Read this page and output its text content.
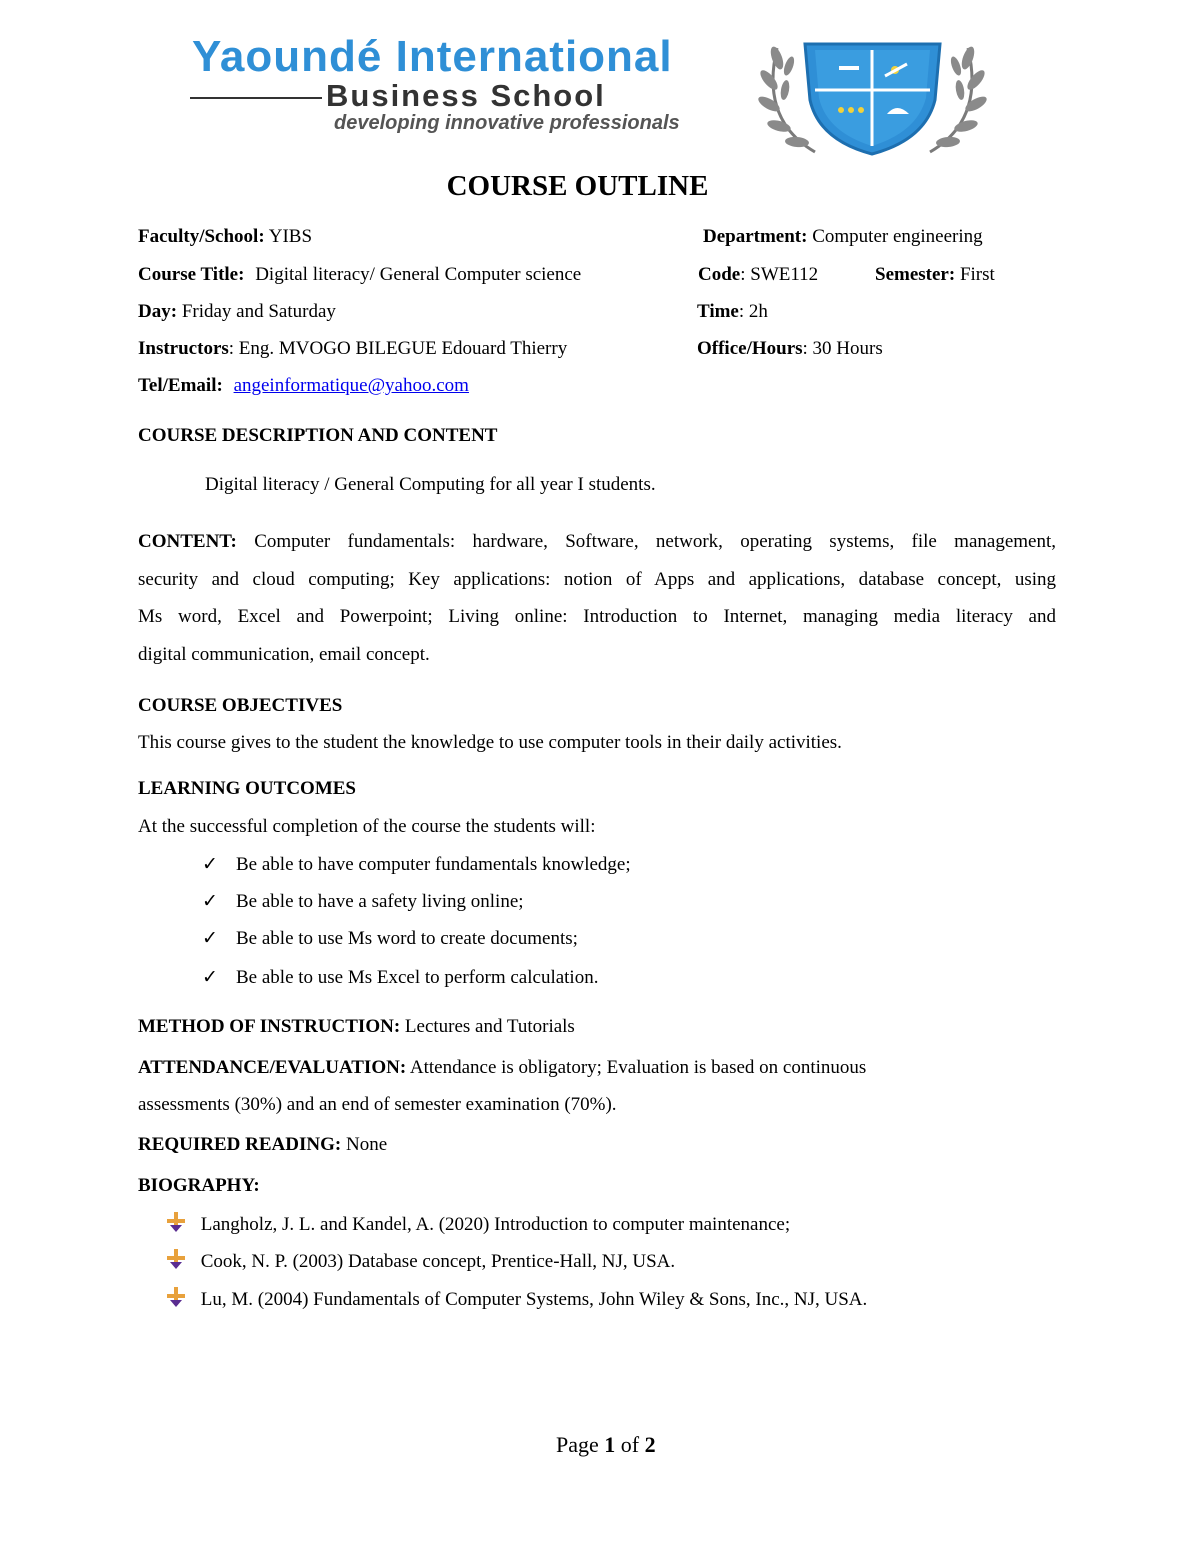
Yaoundé International
Business School
developing innovative professionals
COURSE OUTLINE
Faculty/School: YIBS	Department: Computer engineering
Course Title: Digital literacy/ General Computer science	Code: SWE112	Semester: First
Day: Friday and Saturday	Time: 2h
Instructors: Eng. MVOGO BILEGUE Edouard Thierry	Office/Hours: 30 Hours
Tel/Email: angeinformatique@yahoo.com
COURSE DESCRIPTION AND CONTENT
Digital literacy / General Computing for all year I students.
CONTENT: Computer fundamentals: hardware, Software, network, operating systems, file management,
security and cloud computing; Key applications: notion of Apps and applications, database concept, using
Ms word, Excel and Powerpoint; Living online: Introduction to Internet, managing media literacy and
digital communication, email concept.
COURSE OBJECTIVES
This course gives to the student the knowledge to use computer tools in their daily activities.
LEARNING OUTCOMES
At the successful completion of the course the students will:
✓ Be able to have computer fundamentals knowledge;
✓ Be able to have a safety living online;
✓ Be able to use Ms word to create documents;
✓ Be able to use Ms Excel to perform calculation.
METHOD OF INSTRUCTION: Lectures and Tutorials
ATTENDANCE/EVALUATION: Attendance is obligatory; Evaluation is based on continuous
assessments (30%) and an end of semester examination (70%).
REQUIRED READING: None
BIOGRAPHY:
Langholz, J. L. and Kandel, A. (2020) Introduction to computer maintenance;
Cook, N. P. (2003) Database concept, Prentice-Hall, NJ, USA.
Lu, M. (2004) Fundamentals of Computer Systems, John Wiley & Sons, Inc., NJ, USA.
Page 1 of 2
